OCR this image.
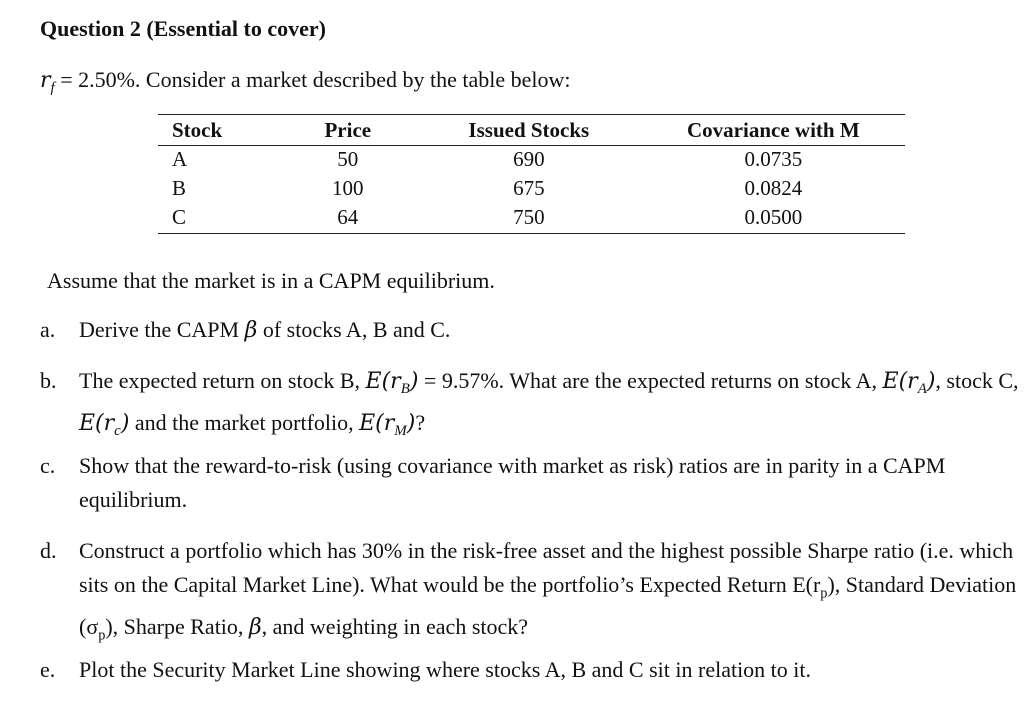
Question 2 (Essential to cover)
$r_f = 2.50\%$. Consider a market described by the table below:
Stock	Price	Issued Stocks	Covariance with M
A	50	690	0.0735
B	100	675	0.0824
C	64	750	0.0500
Assume that the market is in a CAPM equilibrium.
a. Derive the CAPM β of stocks A, B and C.
b. The expected return on stock B, $E(r_B) = 9.57\%$. What are the expected returns on stock A, $E(r_A)$, stock C, $E(r_c)$ and the market portfolio, $E(r_M)$?
c. Show that the reward-to-risk (using covariance with market as risk) ratios are in parity in a CAPM equilibrium.
d. Construct a portfolio which has 30% in the risk-free asset and the highest possible Sharpe ratio (i.e. which sits on the Capital Market Line). What would be the portfolio’s Expected Return $E(r_p)$, Standard Deviation $(\sigma_p)$, Sharpe Ratio, β, and weighting in each stock?
e. Plot the Security Market Line showing where stocks A, B and C sit in relation to it.
